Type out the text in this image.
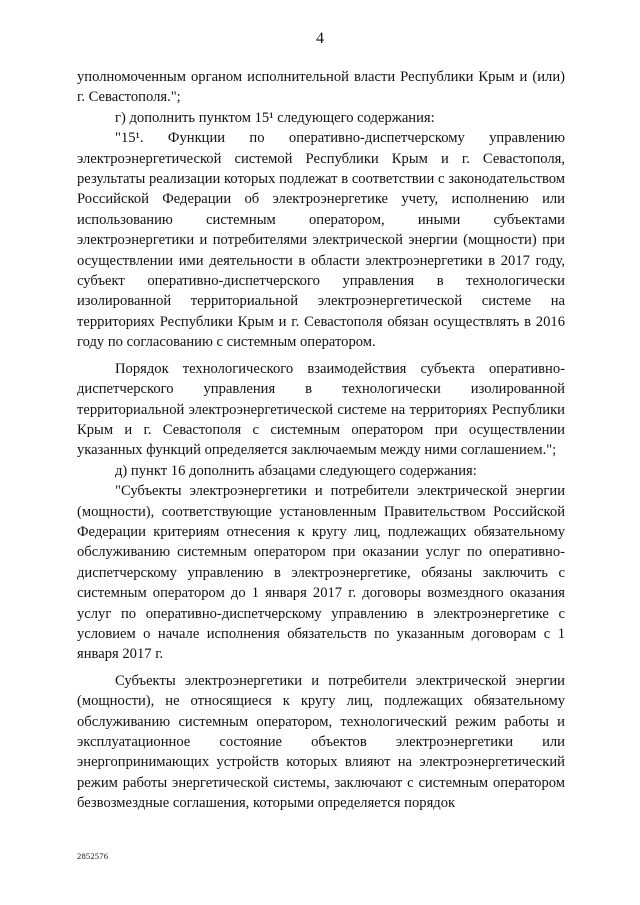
4

уполномоченным органом исполнительной власти Республики Крым и (или) г. Севастополя.";

г) дополнить пунктом 15¹ следующего содержания:

"15¹. Функции по оперативно-диспетчерскому управлению электроэнергетической системой Республики Крым и г. Севастополя, результаты реализации которых подлежат в соответствии с законодательством Российской Федерации об электроэнергетике учету, исполнению или использованию системным оператором, иными субъектами электроэнергетики и потребителями электрической энергии (мощности) при осуществлении ими деятельности в области электроэнергетики в 2017 году, субъект оперативно-диспетчерского управления в технологически изолированной территориальной электроэнергетической системе на территориях Республики Крым и г. Севастополя обязан осуществлять в 2016 году по согласованию с системным оператором.

Порядок технологического взаимодействия субъекта оперативно-диспетчерского управления в технологически изолированной территориальной электроэнергетической системе на территориях Республики Крым и г. Севастополя с системным оператором при осуществлении указанных функций определяется заключаемым между ними соглашением.";

д) пункт 16 дополнить абзацами следующего содержания:

"Субъекты электроэнергетики и потребители электрической энергии (мощности), соответствующие установленным Правительством Российской Федерации критериям отнесения к кругу лиц, подлежащих обязательному обслуживанию системным оператором при оказании услуг по оперативно-диспетчерскому управлению в электроэнергетике, обязаны заключить с системным оператором до 1 января 2017 г. договоры возмездного оказания услуг по оперативно-диспетчерскому управлению в электроэнергетике с условием о начале исполнения обязательств по указанным договорам с 1 января 2017 г.

Субъекты электроэнергетики и потребители электрической энергии (мощности), не относящиеся к кругу лиц, подлежащих обязательному обслуживанию системным оператором, технологический режим работы и эксплуатационное состояние объектов электроэнергетики или энергопринимающих устройств которых влияют на электроэнергетический режим работы энергетической системы, заключают с системным оператором безвозмездные соглашения, которыми определяется порядок

2852576
